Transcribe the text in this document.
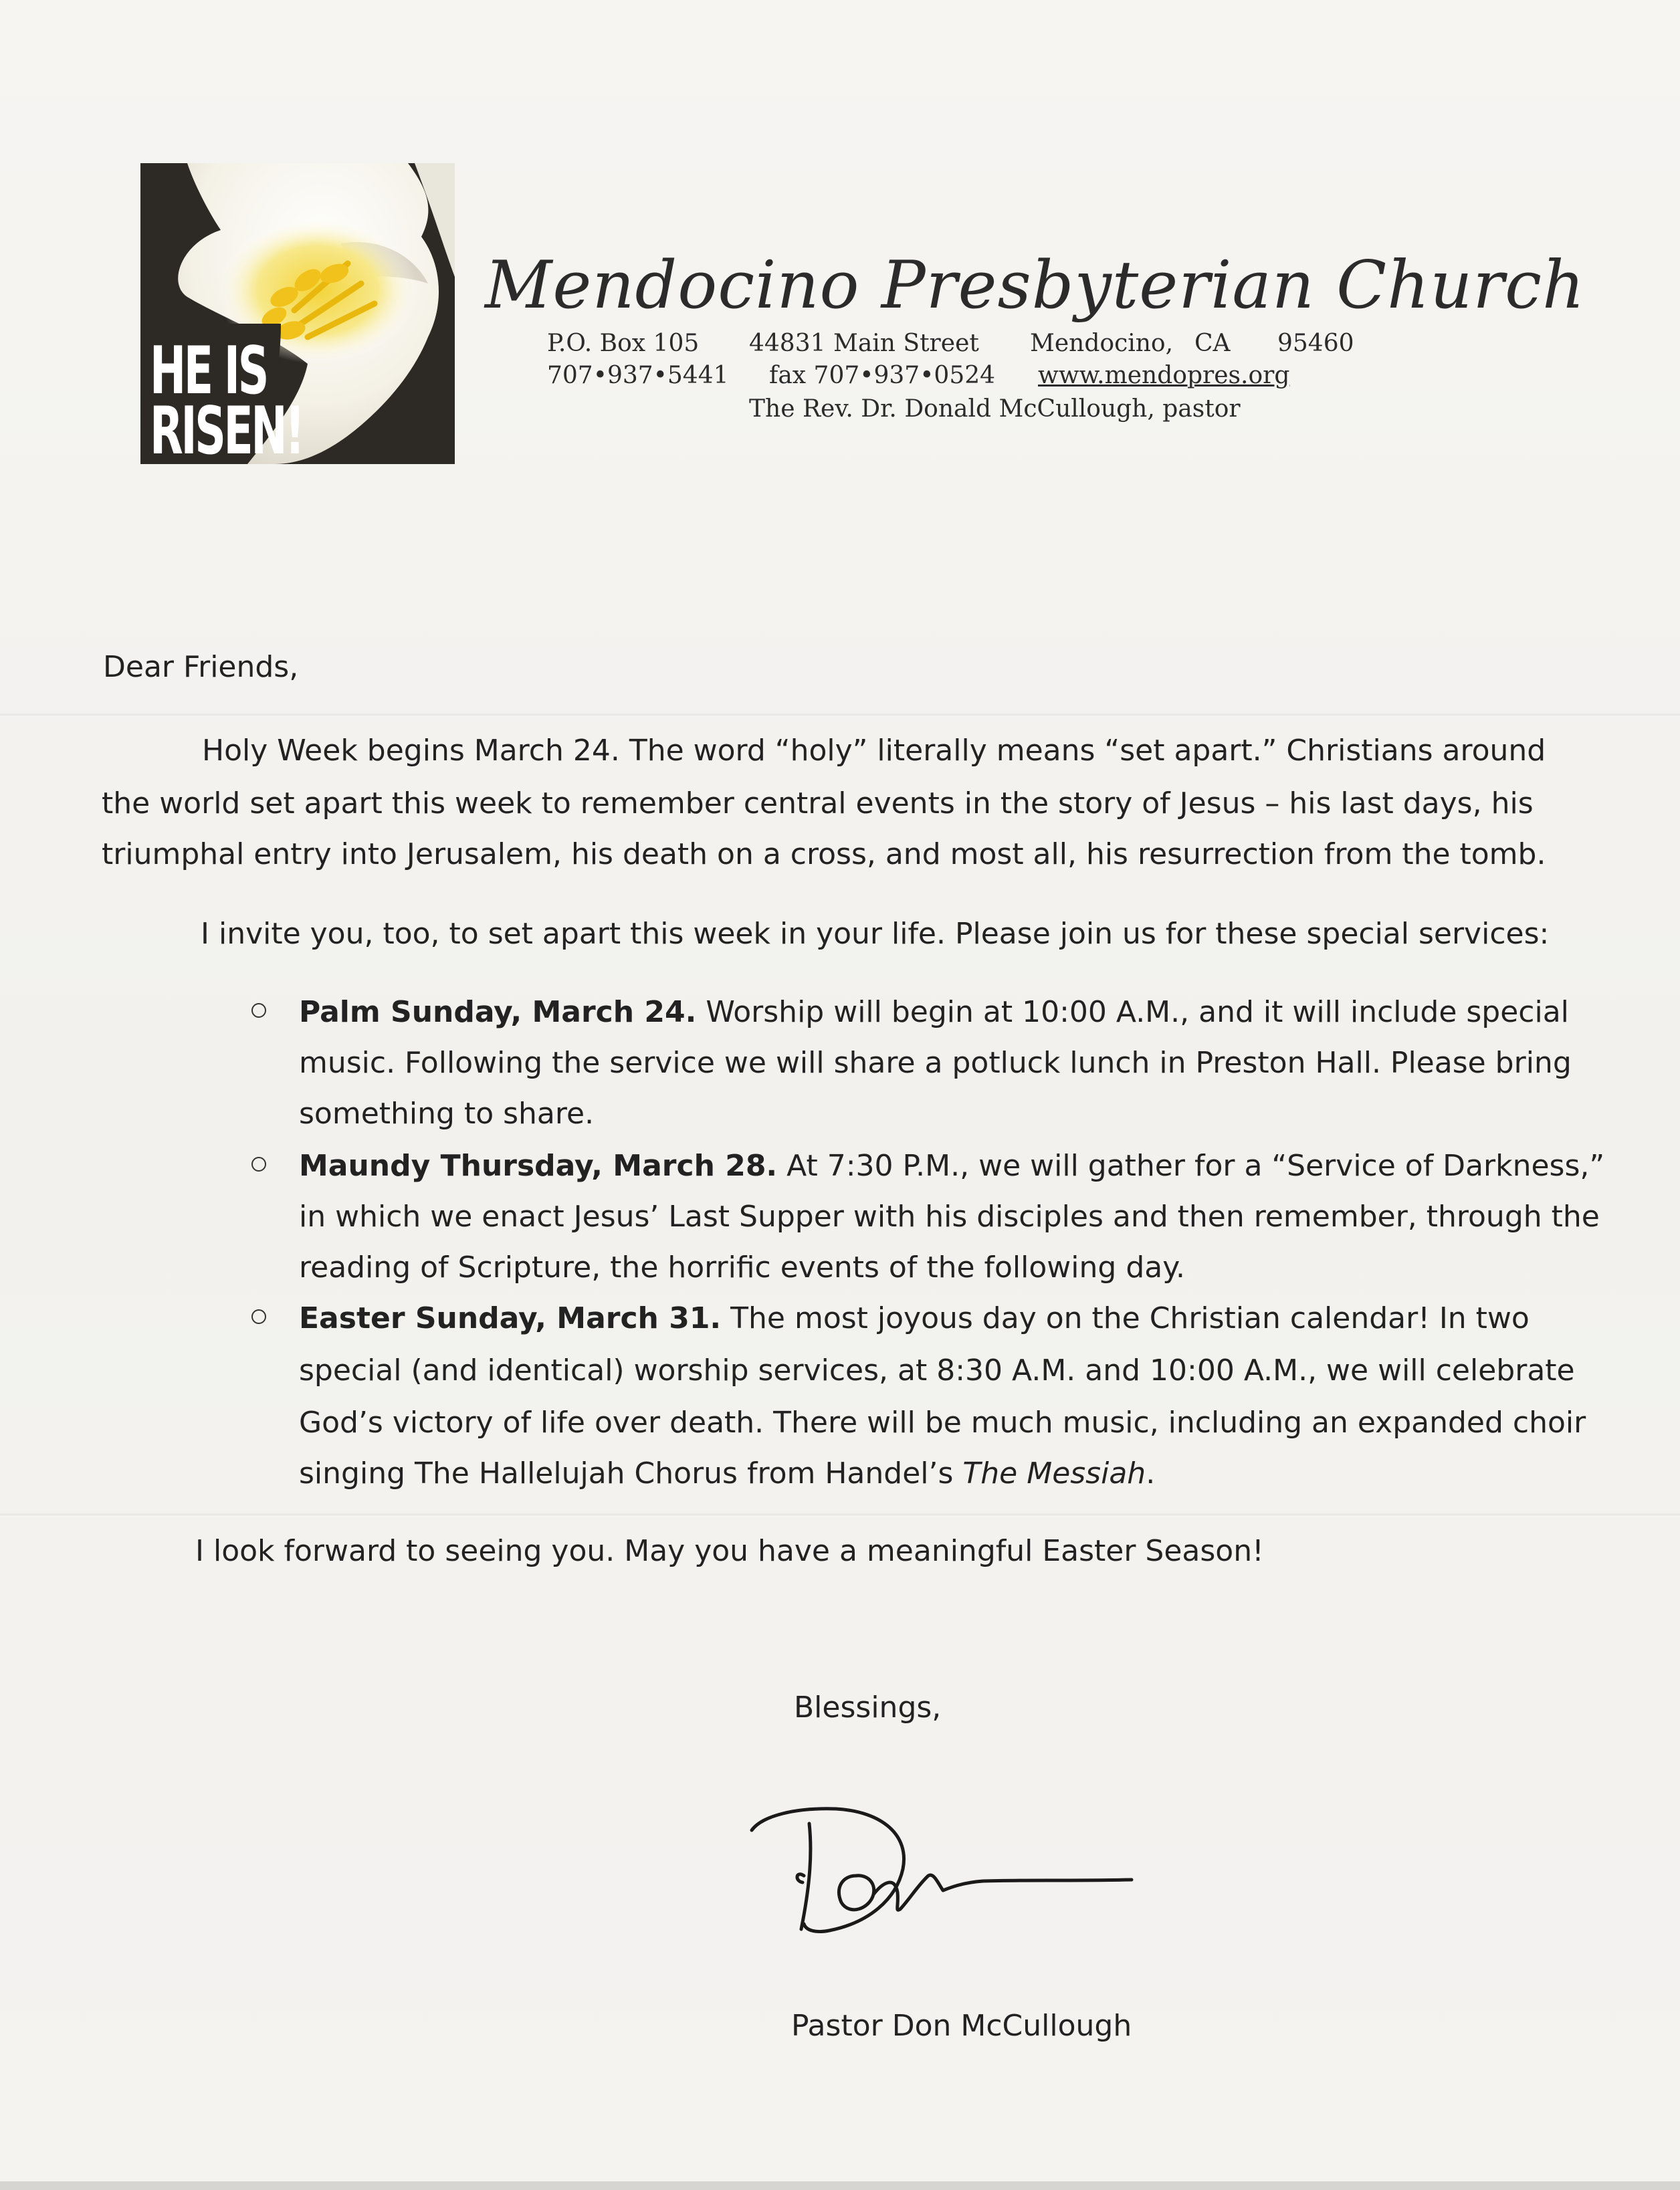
HE IS
RISEN!
Mendocino Presbyterian Church
P.O. Box 105 44831 Main Street Mendocino, CA 95460
707•937•5441 fax 707•937•0524 www.mendopres.org
The Rev. Dr. Donald McCullough, pastor
Dear Friends,
Holy Week begins March 24. The word “holy” literally means “set apart.” Christians around
the world set apart this week to remember central events in the story of Jesus – his last days, his
triumphal entry into Jerusalem, his death on a cross, and most all, his resurrection from the tomb.
I invite you, too, to set apart this week in your life. Please join us for these special services:
Palm Sunday, March 24. Worship will begin at 10:00 A.M., and it will include special
music. Following the service we will share a potluck lunch in Preston Hall. Please bring
something to share.
Maundy Thursday, March 28. At 7:30 P.M., we will gather for a “Service of Darkness,”
in which we enact Jesus’ Last Supper with his disciples and then remember, through the
reading of Scripture, the horrific events of the following day.
Easter Sunday, March 31. The most joyous day on the Christian calendar! In two
special (and identical) worship services, at 8:30 A.M. and 10:00 A.M., we will celebrate
God’s victory of life over death. There will be much music, including an expanded choir
singing The Hallelujah Chorus from Handel’s The Messiah.
I look forward to seeing you. May you have a meaningful Easter Season!
Blessings,
Pastor Don McCullough
